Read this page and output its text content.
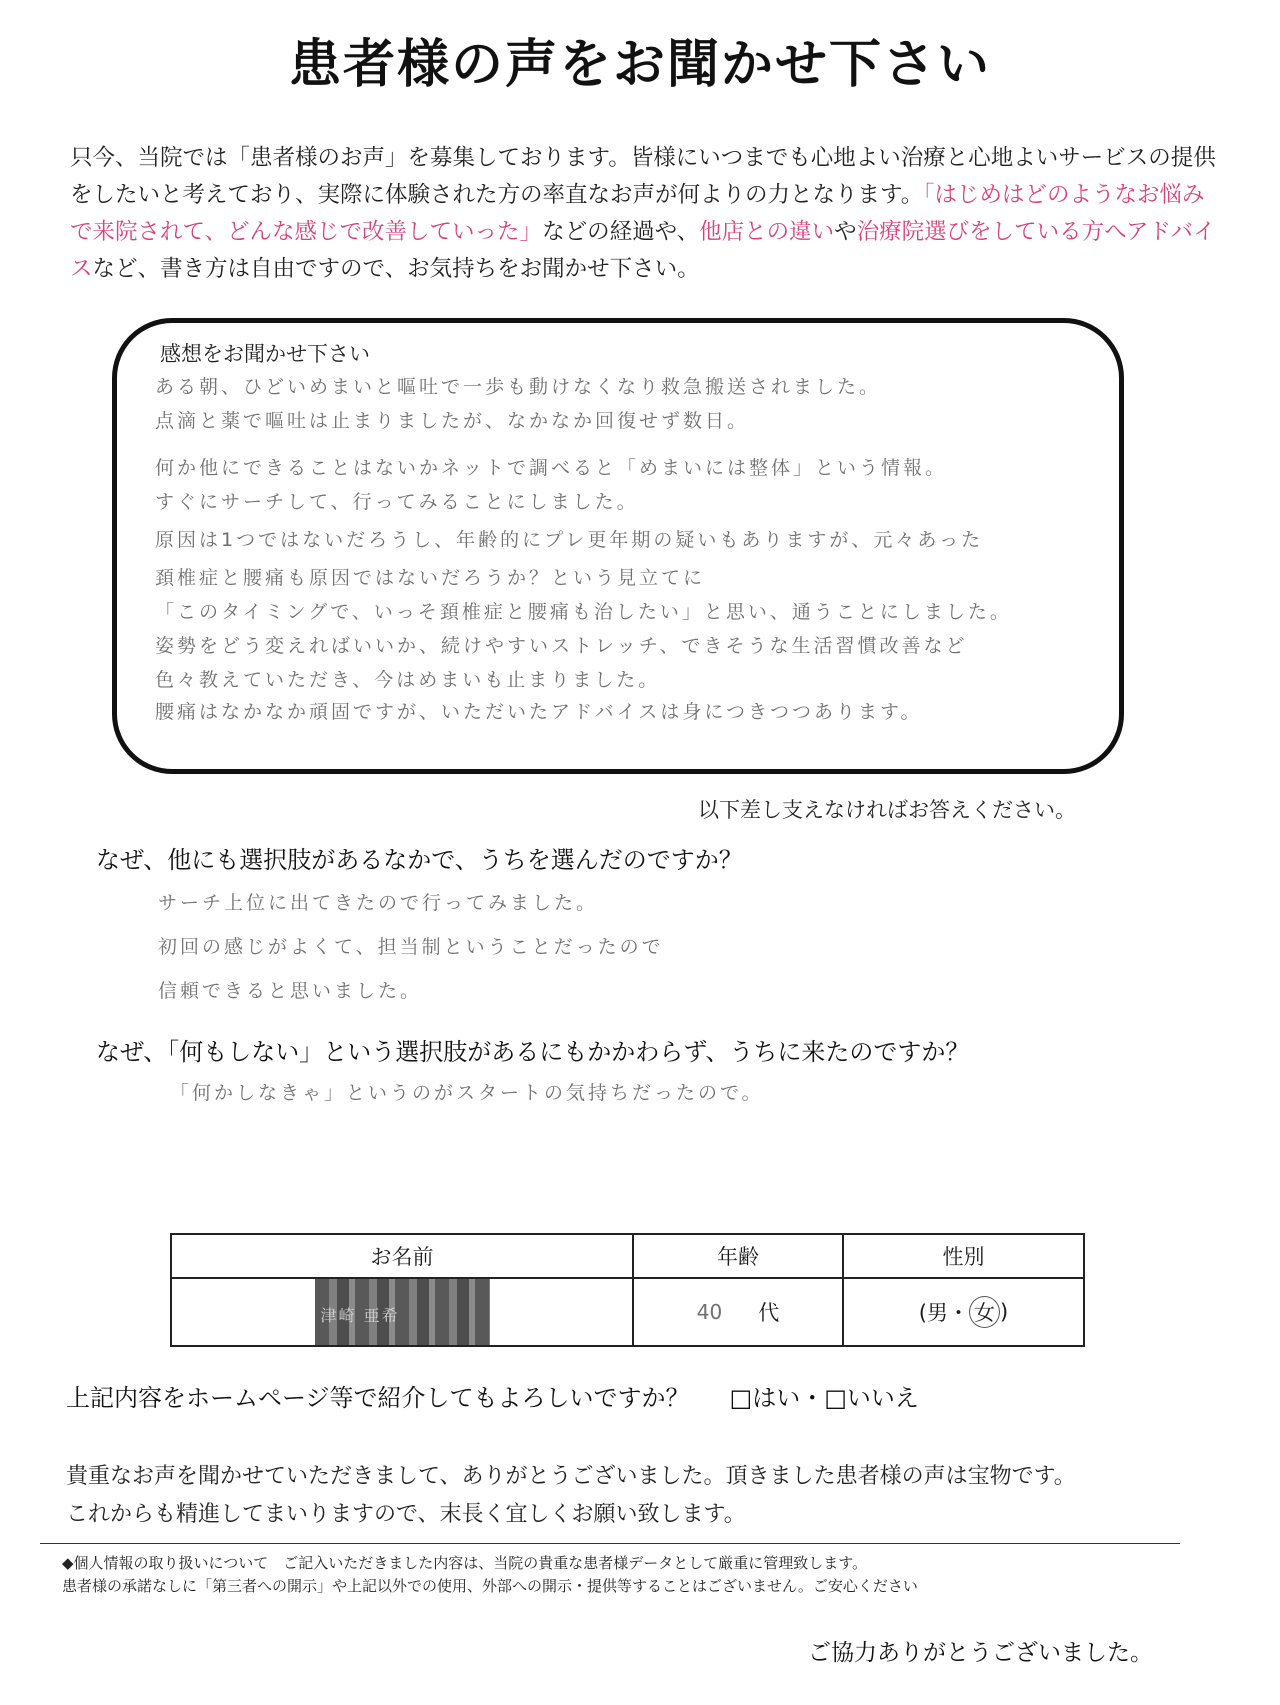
患者様の声をお聞かせ下さい
只今、当院では「患者様のお声」を募集しております。皆様にいつまでも心地よい治療と心地よいサービスの提供をしたいと考えており、実際に体験された方の率直なお声が何よりの力となります。「はじめはどのようなお悩みで来院されて、どんな感じで改善していった」などの経過や、他店との違いや治療院選びをしている方へアドバイスなど、書き方は自由ですので、お気持ちをお聞かせ下さい。
感想をお聞かせ下さい
ある朝、ひどいめまいと嘔吐で一歩も動けなくなり救急搬送されました。
点滴と薬で嘔吐は止まりましたが、なかなか回復せず数日。
何か他にできることはないかネットで調べると「めまいには整体」という情報。
すぐにサーチして、行ってみることにしました。
原因は1つではないだろうし、年齢的にプレ更年期の疑いもありますが、元々あった
頚椎症と腰痛も原因ではないだろうか？という見立てに
「このタイミングで、いっそ頚椎症と腰痛も治したい」と思い、通うことにしました。
姿勢をどう変えればいいか、続けやすいストレッチ、できそうな生活習慣改善など
色々教えていただき、今はめまいも止まりました。
腰痛はなかなか頑固ですが、いただいたアドバイスは身につきつつあります。
以下差し支えなければお答えください。
なぜ、他にも選択肢があるなかで、うちを選んだのですか？
サーチ上位に出てきたので行ってみました。
初回の感じがよくて、担当制ということだったので
信頼できると思いました。
なぜ、「何もしない」という選択肢があるにもかかわらず、うちに来たのですか？
「何かしなきゃ」というのがスタートの気持ちだったので。
お名前	年齢	性別
津崎 亜希	40 代	(男・ 女 )
上記内容をホームページ等で紹介してもよろしいですか？ □はい・□いいえ
貴重なお声を聞かせていただきまして、ありがとうございました。頂きました患者様の声は宝物です。
これからも精進してまいりますので、末長く宜しくお願い致します。
◆個人情報の取り扱いについて　ご記入いただきました内容は、当院の貴重な患者様データとして厳重に管理致します。
患者様の承諾なしに「第三者への開示」や上記以外での使用、外部への開示・提供等することはございません。ご安心ください
ご協力ありがとうございました。
